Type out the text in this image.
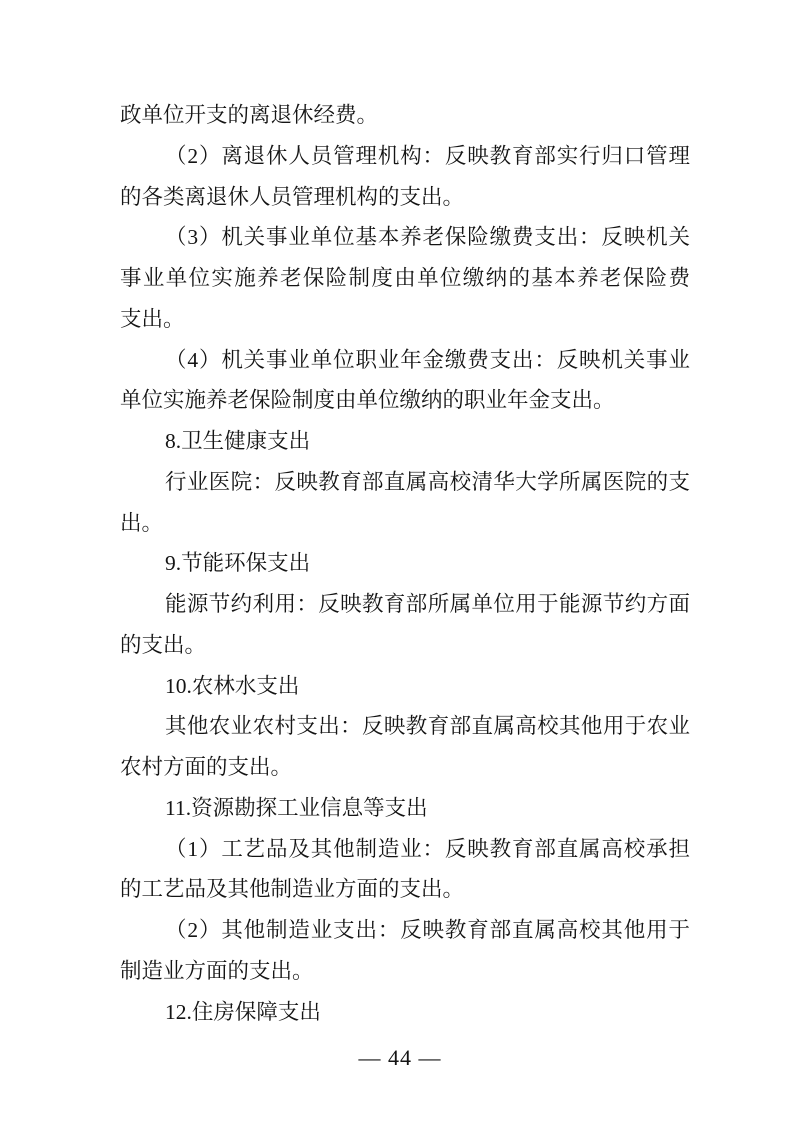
政单位开支的离退休经费。
（2）离退休人员管理机构：反映教育部实行归口管理
的各类离退休人员管理机构的支出。
（3）机关事业单位基本养老保险缴费支出：反映机关
事业单位实施养老保险制度由单位缴纳的基本养老保险费
支出。
（4）机关事业单位职业年金缴费支出：反映机关事业
单位实施养老保险制度由单位缴纳的职业年金支出。
8.卫生健康支出
行业医院：反映教育部直属高校清华大学所属医院的支
出。
9.节能环保支出
能源节约利用：反映教育部所属单位用于能源节约方面
的支出。
10.农林水支出
其他农业农村支出：反映教育部直属高校其他用于农业
农村方面的支出。
11.资源勘探工业信息等支出
（1）工艺品及其他制造业：反映教育部直属高校承担
的工艺品及其他制造业方面的支出。
（2）其他制造业支出：反映教育部直属高校其他用于
制造业方面的支出。
12.住房保障支出
— 44 —
